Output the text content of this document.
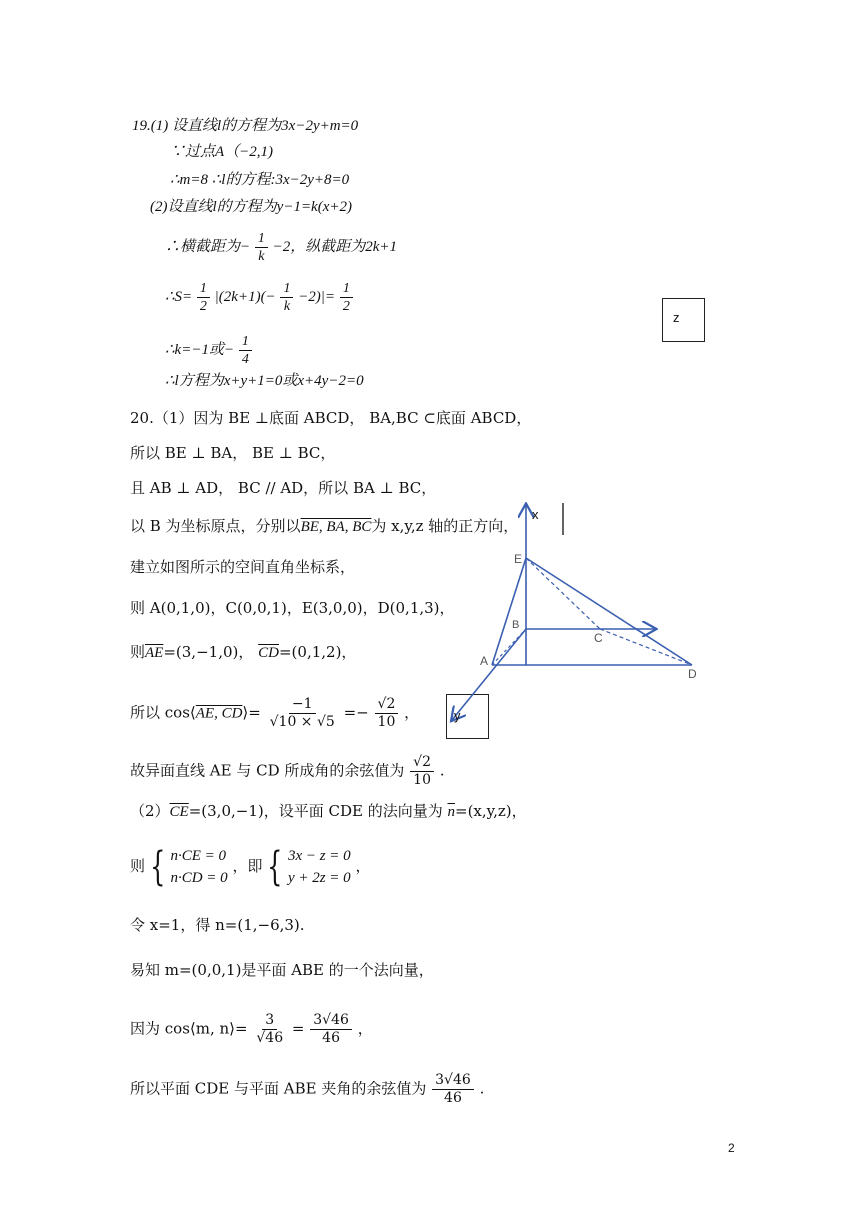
19.(1) 设直线l的方程为3x−2y+m=0
∵过点A（−2,1)
∴m=8 ∴l的方程:3x−2y+8=0
(2)设直线l的方程为y−1=k(x+2)
∴横截距为− $\frac{1}{k} -2$，纵截距为2k+1
∴S= $\frac{1}{2} |(2k+1)(- \frac{1}{k} -2)|= \frac{1}{2}$
∴k=−1或− $\frac{1}{4}$
∴l方程为x+y+1=0或x+4y−2=0
20.（1）因为 BE ⊥底面 ABCD， BA,BC ⊂底面 ABCD，
所以 BE ⊥ BA， BE ⊥ BC，
且 AB ⊥ AD， BC // AD，所以 BA ⊥ BC，
以 B 为坐标原点，分别以BE, BA, BC为 x,y,z 轴的正方向，
建立如图所示的空间直角坐标系，
则 A(0,1,0)，C(0,0,1)，E(3,0,0)，D(0,1,3)，
则$\overline{AE}=(3,-1,0)$， $\overline{CD}=(0,1,2)$，
所以 cos⟨AE, CD⟩= $\frac{-1}{√10 \times √5} =- \frac{√2}{10}$ ，
故异面直线 AE 与 CD 所成角的余弦值为 $\frac{√2}{10}$ .
$(2)\overline{CE}=(3,0,-1)$，设平面 CDE 的法向量为 $\overline{n}=(x,y,z)$，
则 { n·CE = 0
n·CD = 0
，即 { 3x − z = 0
y + 2z = 0
，
令 x=1，得 n=(1,−6,3).
易知 m=(0,0,1)是平面 ABE 的一个法向量，
因为 cos⟨m, n⟩= $\frac{3}{√46} = \frac{3√46}{46}$ ，
所以平面 CDE 与平面 ABE 夹角的余弦值为 $\frac{3√46}{46}$ .
z
x
E
B
C
A
D
y
2
